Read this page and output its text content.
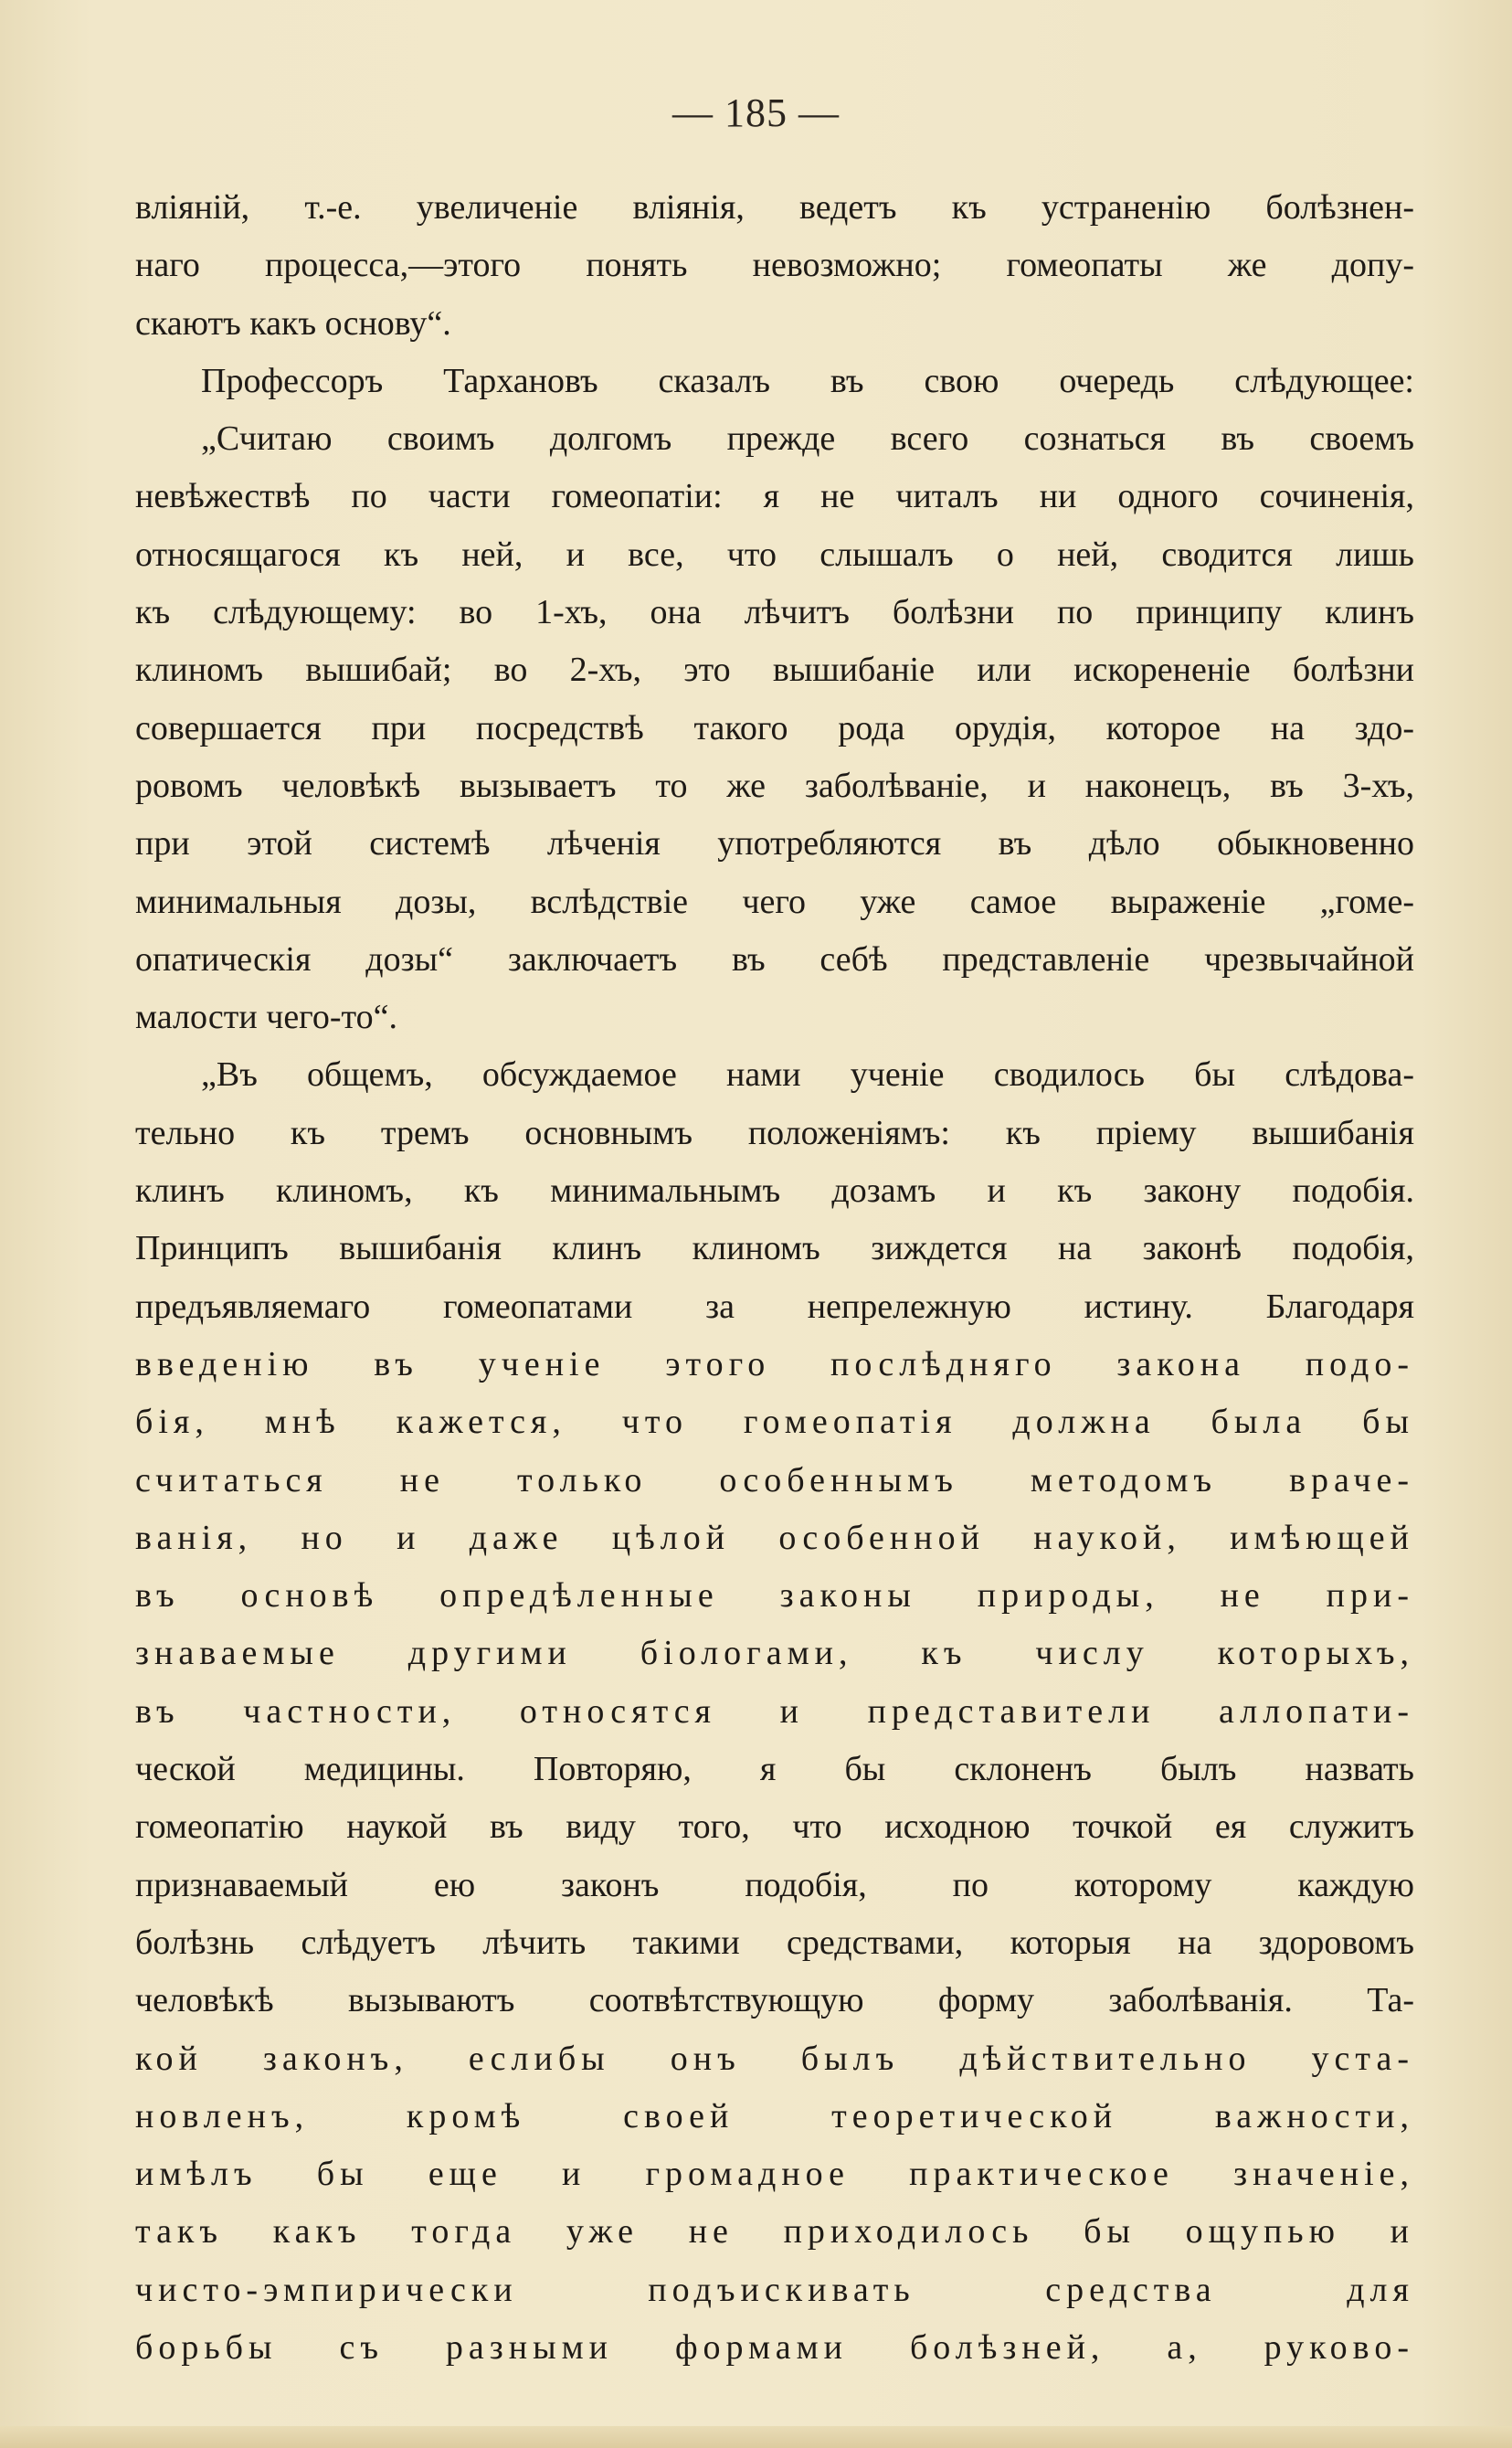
— 185 —
вліяній, т.-е. увеличеніе вліянія, ведетъ къ устраненію болѣзнен-
наго процесса,—этого понять невозможно; гомеопаты же допу-
скаютъ какъ основу“.
Профессоръ Тархановъ сказалъ въ свою очередь слѣдующее:
„Считаю своимъ долгомъ прежде всего сознаться въ своемъ
невѣжествѣ по части гомеопатіи: я не читалъ ни одного сочиненія,
относящагося къ ней, и все, что слышалъ о ней, сводится лишь
къ слѣдующему: во 1-хъ, она лѣчитъ болѣзни по принципу клинъ
клиномъ вышибай; во 2-хъ, это вышибаніе или искорененіе болѣзни
совершается при посредствѣ такого рода орудія, которое на здо-
ровомъ человѣкѣ вызываетъ то же заболѣваніе, и наконецъ, въ 3-хъ,
при этой системѣ лѣченія употребляются въ дѣло обыкновенно
минимальныя дозы, вслѣдствіе чего уже самое выраженіе „гоме-
опатическія дозы“ заключаетъ въ себѣ представленіе чрезвычайной
малости чего-то“.
„Въ общемъ, обсуждаемое нами ученіе сводилось бы слѣдова-
тельно къ тремъ основнымъ положеніямъ: къ пріему вышибанія
клинъ клиномъ, къ минимальнымъ дозамъ и къ закону подобія.
Принципъ вышибанія клинъ клиномъ зиждется на законѣ подобія,
предъявляемаго гомеопатами за непрележную истину. Благодаря
введенію въ ученіе этого послѣдняго закона подо-
бія, мнѣ кажется, что гомеопатія должна была бы
считаться не только особеннымъ методомъ враче-
ванія, но и даже цѣлой особенной наукой, имѣющей
въ основѣ опредѣленные законы природы, не при-
знаваемые другими біологами, къ числу которыхъ,
въ частности, относятся и представители аллопати-
ческой медицины. Повторяю, я бы склоненъ былъ назвать
гомеопатію наукой въ виду того, что исходною точкой ея служитъ
признаваемый ею законъ подобія, по которому каждую
болѣзнь слѣдуетъ лѣчить такими средствами, которыя на здоровомъ
человѣкѣ вызываютъ соотвѣтствующую форму заболѣванія. Та-
кой законъ, еслибы онъ былъ дѣйствительно уста-
новленъ, кромѣ своей теоретической важности,
имѣлъ бы еще и громадное практическое значеніе,
такъ какъ тогда уже не приходилось бы ощупью и
чисто-эмпирически подъискивать средства для
борьбы съ разными формами болѣзней, а, руково-
